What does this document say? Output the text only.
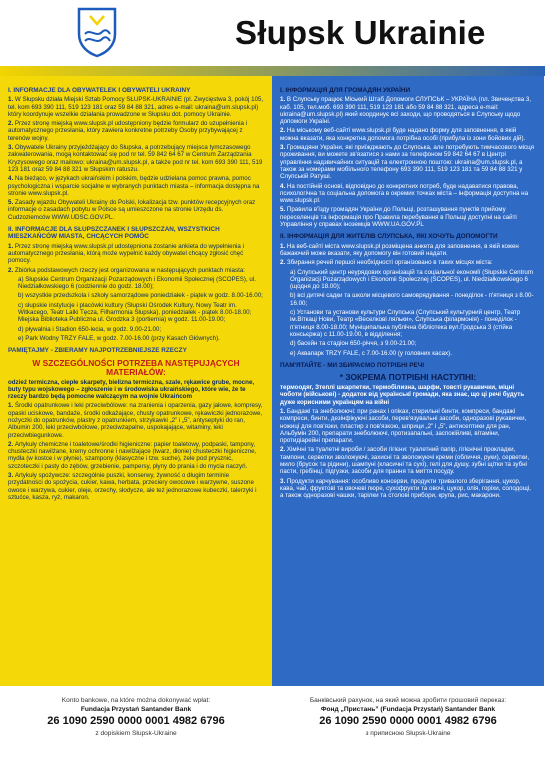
Słupsk Ukrainie
I. INFORMACJE DLA OBYWATELEK I OBYWATELI UKRAINY
1. W Słupsku działa Miejski Sztab Pomocy SŁUPSK-UKRAINIE (pl. Zwycięstwa 3, pokój 105, tel. kom 693 390 111, 519 123 181 oraz 59 84 88 321, adres e-mail: ukraina@um.slupsk.pl) który koordynuje wszelkie działania prowadzone w Słupsku dot. pomocy Ukrainie.
2. Przez stronę miejską www.slupsk.pl udostępniony będzie formularz do uzupełnienia i automatycznego przesłania, który zawiera konkretne potrzeby Osoby przybywającej z terenów wojny.
3. Obywatele Ukrainy przyjeżdżający do Słupska, a potrzebujący miejsca tymczasowego zakwaterowania, mogą kontaktować się pod nr tel. 59 842 64 67 w Centrum Zarządzania Kryzysowego oraz mailowo: ukraina@um.slupsk.pl, a także pod nr tel. kom 693 390 111, 519 123 181 oraz 59 84 88 321 w Słupskim ratuszu.
4. Na bieżąco, w językach ukraińskim i polskim, będzie udzielana pomoc prawna, pomoc psychologiczna i wsparcie socjalne w wybranych punktach miasta – informacja dostępna na stronie www.slupsk.pl.
5. Zasady wjazdu Obywateli Ukrainy do Polski, lokalizacja tzw. punktów recepcyjnych oraz informacje o zasadach pobytu w Polsce są umieszczone na stronie Urzędu ds. Cudzoziemców WWW.UDSC.GOV.PL.
II. INFORMACJE DLA SŁUPSZCZANEK I SŁUPSZCZAN, WSZYSTKICH MIESZKAŃCÓW MIASTA, CHCĄCYCH POMÓC
1. Przez stronę miejską www.slupsk.pl udostępniona zostanie ankieta do wypełnienia i automatycznego przesłania, którą może wypełnić każdy obywatel chcący zgłosić chęć pomocy.
2. Zbiórka podstawowych rzeczy jest organizowana w następujących punktach miasta:
a) Słupskie Centrum Organizacji Pozarządowych i Ekonomii Społecznej (SCOPES), ul. Niedziałkowskiego 6 (codziennie do godz. 18.00);
b) wszystkie przedszkola i szkoły samorządowe poniedziałek - piątek w godz. 8.00-16.00;
c) słupskie instytucje i placówki kultury (Słupski Ośrodek Kultury, Nowy Teatr im. Witkacego, Teatr Lalki Tęcza, Filharmonia Słupska), poniedziałek - piątek 8.00-18.00; Miejska Biblioteka Publiczna ul. Grodzka 3 (portiernia) w godz. 11.00-19.00;
d) pływalnia i Stadion 650-lecia, w godz. 9.00-21.00;
e) Park Wodny TRZY FALE, w godz. 7.00-16.00 (przy Kasach Głównych).
PAMIĘTAJMY - ZBIERAMY NAJPOTRZEBNIEJSZE RZECZY
W SZCZEGÓLNOŚCI POTRZEBA NASTĘPUJĄCYCH MATERIAŁÓW:
odzież termiczna, ciepłe skarpety, bielizna termiczna, szale, rękawice grube, mocne, buty typu wojskowego – zgłoszenie i w środowiska ukraińskiego, które wie, że te rzeczy bardzo będą pomocne walczącym na wojnie Ukraińcom
1. Środki opatrunkowe i leki przeciwbólowe: na zranienia i oparzenia, gazy jałowe, kompresy, opaski uciskowe, bandaże, środki odkażające, chusty opatrunkowe, rękawiczki jednorazowe, nożyczki do opatrunków, plastry z opatrunkiem, strzykawki „2” i „5”, antyseptyki do ran, Albumin 200, leki przeciwbólowe, przeciwzapalne, uspokajające, witaminy, leki przeciwbiegunkowe.
2. Artykuły chemiczne i toaletowe/środki higieniczne: papier toaletowy, podpaski, tampony, chusteczki nawilżane, kremy ochronne i nawilżające (twarz, dłonie) chusteczki higieniczne, mydła (w kostce i w płynie), szampony (klasyczne i tzw. suche), żele pod prysznic, szczoteczki i pasty do zębów, grzebienie, pampersy, płyny do prania i do mycia naczyń.
3. Artykuły spożywcze: szczególnie puszki, konserwy, żywność o długim terminie przydatności do spożycia, cukier, kawa, herbata, przeciery owocowe i warzywne, suszone owoce i warzywa, cukier, oleje, orzechy, słodycze, ale też jednorazowe kubeczki, talerzyki i sztućce, kasza, ryż, makaron.
I. ІНФОРМАЦІЯ ДЛЯ ГРОМАДЯН УКРАЇНИ
1. В Слупську працює Міський Штаб Допомоги СЛУПСЬК – УКРАЇНА (пл. Звичеңства 3, каб. 105, тел.моб. 693 390 111, 519 123 181 або 59 84 88 321, адреса e-mail: ukraina@um.slupsk.pl) який координує всі заходи, що проводяться в Слупську щодо допомоги Україні.
2. На міському веб-сайті www.slupsk.pl буде надано форму для заповнення, в якій можна вказати, яка конкретна допомога потрібна особі (прибула із зони бойових дій).
3. Громадяни України, які приїжджають до Слупська, але потребують тимчасового місця проживання, ви можете зв'язатися з нами за телефоном 59 842 64 67 в Центрі управління надзвичайних ситуацій та електронною поштою: ukraina@um.slupsk.pl, а також за номерами мобільного телефону 693 390 111, 519 123 181 та 59 84 88 321 у Слупській Ратуші.
4. На постійній основі, відповідно до конкретних потреб, буде надаватися правова, психологічна та соціальна допомога в окремих точках міста – інформація доступна на www.slupsk.pl.
5. Правила в'їзду громадян України до Польщі, розташування пунктів прийому переселенців та інформація про Правила перебування в Польщі доступні на сайті Управління у справах іноземців WWW.UA.GOV.PL
II. ІНФОРМАЦІЯ ДЛЯ ЖИТЕЛІВ СЛУПСЬКА, ЯКІ ХОЧУТЬ ДОПОМОГТИ
1. На веб-сайті міста www.slupsk.pl розміщена анкета для заповнення, в якій кожен бажаючий може вказати, яку допомогу він готовий надати.
2. Збирання речей першої необхідності організовано в таких місцях міста:
a) Слупський центр неурядових організацій та соціальної економії (Słupskie Centrum Organizacji Pozarządowych i Ekonomii Społecznej (SCOPES), ul. Niedziałkowskiego 6 (щодня до 18.00);
b) всі дитячі садки та школи місцевого самоврядування - понеділок - п'ятниця з 8.00-16.00;
c) Установи та установи культури Слупська (Слупський культурний центр, Театр ім.Віткаці Нови, Театр «Веселкові ляльки», Слупська філармонія) - понеділок - п'ятниця 8.00-18.00; Муніципальна публічна бібліотека вул.Гродська 3 (стійка консьєржа) с 11.00-19.00, в відділення;
d) басейн та стадіон 650-річчя, з 9.00-21.00;
e) Аквапарк TRZY FALE, с 7.00-16.00 (у головних касах).
ПАМ'ЯТАЙТЕ - МИ ЗБИРАЄМО ПОТРІБНІ РЕЧІ
* ЗОКРЕМА ПОТРІБНІ НАСТУПНІ:
термоодяг, Зтеплі шкарпетки, термобілизна, шарфи, товсті рукавички, міцні чоботи (військові) - додаток від українськї громади, яка знає, що ці речі будуть дуже корисними українцям на війні
1. Бандажі та знеболюючі: при ранах і опіках, стерильні бинти, компреси, бандажі компреси, бинти, дезінфікуючі засоби, перев'язувальні засоби, одноразові рукавички, ножиці для пов'язки, пластир з пов'язкою, шприци „2” і „5”, антисептики для ран, Альбумін 200, препарати знеболюючі, протизапальні, заспокійливі, вітаміни, протидіарейні препарати.
2. Хімічні та туалетні вироби / засоби гігієни: туалетний папір, гігієнічні прокладки, тампони, серветки зволожуючі, захисні та зволожуючі креми (обличчя, руки), серветки, мило (брусок та рідини), шампуні (класичні та сухі), гелі для душу, зубні щітки та зубні пасти, гребінці, підгузки, засоби для прання та миття посуду.
3. Продукти харчування: особливо консерви, продукти тривалого зберігання, цукор, кава, чай, фруктові та овочеві пюре, сухофрукти та овочі, цукор, олія, горіхи, солодощі, а також одноразові чашки, тарілки та столові прибори, крупа, рис, макарони.
Konto bankowe, na które można dokonywać wpłat:
Fundacja Przystań Santander Bank
26 1090 2590 0000 0001 4982 6796
z dopiskiem Słupsk-Ukraine
Банківський рахунок, на який можна зробити грошовий переказ:
Фонд „Пристань” (Fundacja Przystań) Santander Bank
26 1090 2590 0000 0001 4982 6796
з приписною Słupsk-Ukraine
